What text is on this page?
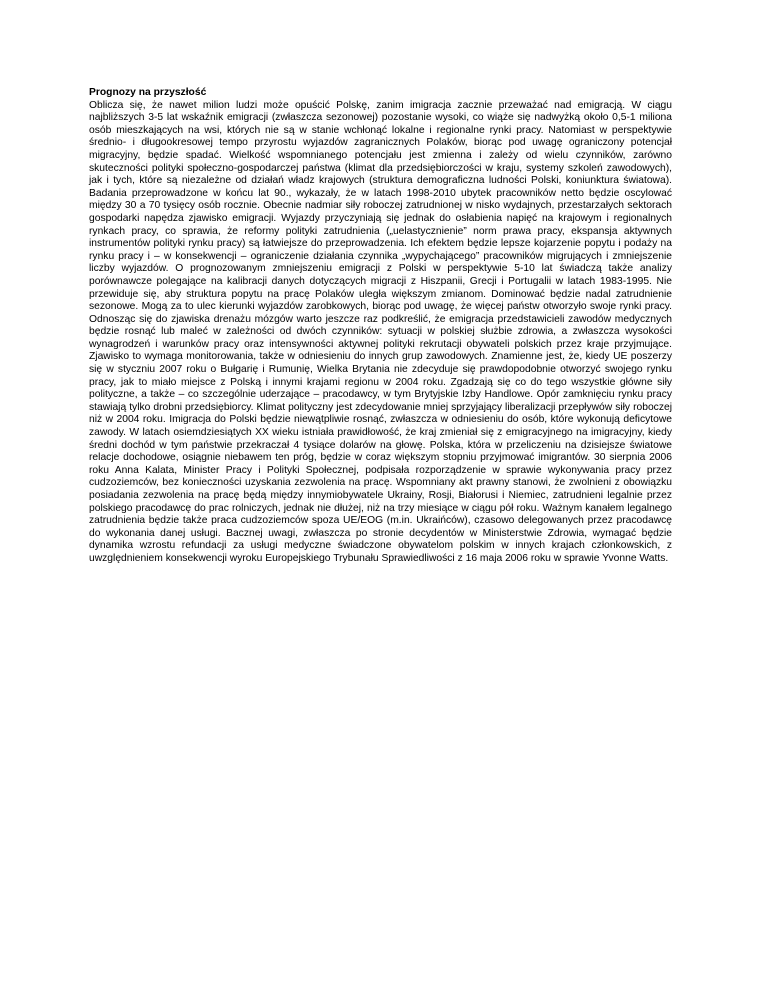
Prognozy na przyszłość

Oblicza się, że nawet milion ludzi może opuścić Polskę, zanim imigracja zacznie przeważać nad emigracją. W ciągu najbliższych 3-5 lat wskaźnik emigracji (zwłaszcza sezonowej) pozostanie wysoki, co wiąże się nadwyżką około 0,5-1 miliona osób mieszkających na wsi, których nie są w stanie wchłonąć lokalne i regionalne rynki pracy. Natomiast w perspektywie średnio- i długookresowej tempo przyrostu wyjazdów zagranicznych Polaków, biorąc pod uwagę ograniczony potencjał migracyjny, będzie spadać. Wielkość wspomnianego potencjału jest zmienna i zależy od wielu czynników, zarówno skuteczności polityki społeczno-gospodarczej państwa (klimat dla przedsiębiorczości w kraju, systemy szkoleń zawodowych), jak i tych, które są niezależne od działań władz krajowych (struktura demograficzna ludności Polski, koniunktura światowa). Badania przeprowadzone w końcu lat 90., wykazały, że w latach 1998-2010 ubytek pracowników netto będzie oscylować między 30 a 70 tysięcy osób rocznie. Obecnie nadmiar siły roboczej zatrudnionej w nisko wydajnych, przestarzałych sektorach gospodarki napędza zjawisko emigracji. Wyjazdy przyczyniają się jednak do osłabienia napięć na krajowym i regionalnych rynkach pracy, co sprawia, że reformy polityki zatrudnienia („uelastycznienie” norm prawa pracy, ekspansja aktywnych instrumentów polityki rynku pracy) są łatwiejsze do przeprowadzenia. Ich efektem będzie lepsze kojarzenie popytu i podaży na rynku pracy i – w konsekwencji – ograniczenie działania czynnika „wypychającego” pracowników migrujących i zmniejszenie liczby wyjazdów. O prognozowanym zmniejszeniu emigracji z Polski w perspektywie 5-10 lat świadczą także analizy porównawcze polegające na kalibracji danych dotyczących migracji z Hiszpanii, Grecji i Portugalii w latach 1983-1995. Nie przewiduje się, aby struktura popytu na pracę Polaków uległa większym zmianom. Dominować będzie nadal zatrudnienie sezonowe. Mogą za to ulec kierunki wyjazdów zarobkowych, biorąc pod uwagę, że więcej państw otworzyło swoje rynki pracy. Odnosząc się do zjawiska drenażu mózgów warto jeszcze raz podkreślić, że emigracja przedstawicieli zawodów medycznych będzie rosnąć lub maleć w zależności od dwóch czynników: sytuacji w polskiej służbie zdrowia, a zwłaszcza wysokości wynagrodzeń i warunków pracy oraz intensywności aktywnej polityki rekrutacji obywateli polskich przez kraje przyjmujące. Zjawisko to wymaga monitorowania, także w odniesieniu do innych grup zawodowych. Znamienne jest, że, kiedy UE poszerzy się w styczniu 2007 roku o Bułgarię i Rumunię, Wielka Brytania nie zdecyduje się prawdopodobnie otworzyć swojego rynku pracy, jak to miało miejsce z Polską i innymi krajami regionu w 2004 roku. Zgadzają się co do tego wszystkie główne siły polityczne, a także – co szczególnie uderzające – pracodawcy, w tym Brytyjskie Izby Handlowe. Opór zamknięciu rynku pracy stawiają tylko drobni przedsiębiorcy. Klimat polityczny jest zdecydowanie mniej sprzyjający liberalizacji przepływów siły roboczej niż w 2004 roku. Imigracja do Polski będzie niewątpliwie rosnąć, zwłaszcza w odniesieniu do osób, które wykonują deficytowe zawody. W latach osiemdziesiątych XX wieku istniała prawidłowość, że kraj zmieniał się z emigracyjnego na imigracyjny, kiedy średni dochód w tym państwie przekraczał 4 tysiące dolarów na głowę. Polska, która w przeliczeniu na dzisiejsze światowe relacje dochodowe, osiągnie niebawem ten próg, będzie w coraz większym stopniu przyjmować imigrantów. 30 sierpnia 2006 roku Anna Kalata, Minister Pracy i Polityki Społecznej, podpisała rozporządzenie w sprawie wykonywania pracy przez cudzoziemców, bez konieczności uzyskania zezwolenia na pracę. Wspomniany akt prawny stanowi, że zwolnieni z obowiązku posiadania zezwolenia na pracę będą między innymiobywatele Ukrainy, Rosji, Białorusi i Niemiec, zatrudnieni legalnie przez polskiego pracodawcę do prac rolniczych, jednak nie dłużej, niż na trzy miesiące w ciągu pół roku. Ważnym kanałem legalnego zatrudnienia będzie także praca cudzoziemców spoza UE/EOG (m.in. Ukraińców), czasowo delegowanych przez pracodawcę do wykonania danej usługi. Bacznej uwagi, zwłaszcza po stronie decydentów w Ministerstwie Zdrowia, wymagać będzie dynamika wzrostu refundacji za usługi medyczne świadczone obywatelom polskim w innych krajach członkowskich, z uwzględnieniem konsekwencji wyroku Europejskiego Trybunału Sprawiedliwości z 16 maja 2006 roku w sprawie Yvonne Watts.
